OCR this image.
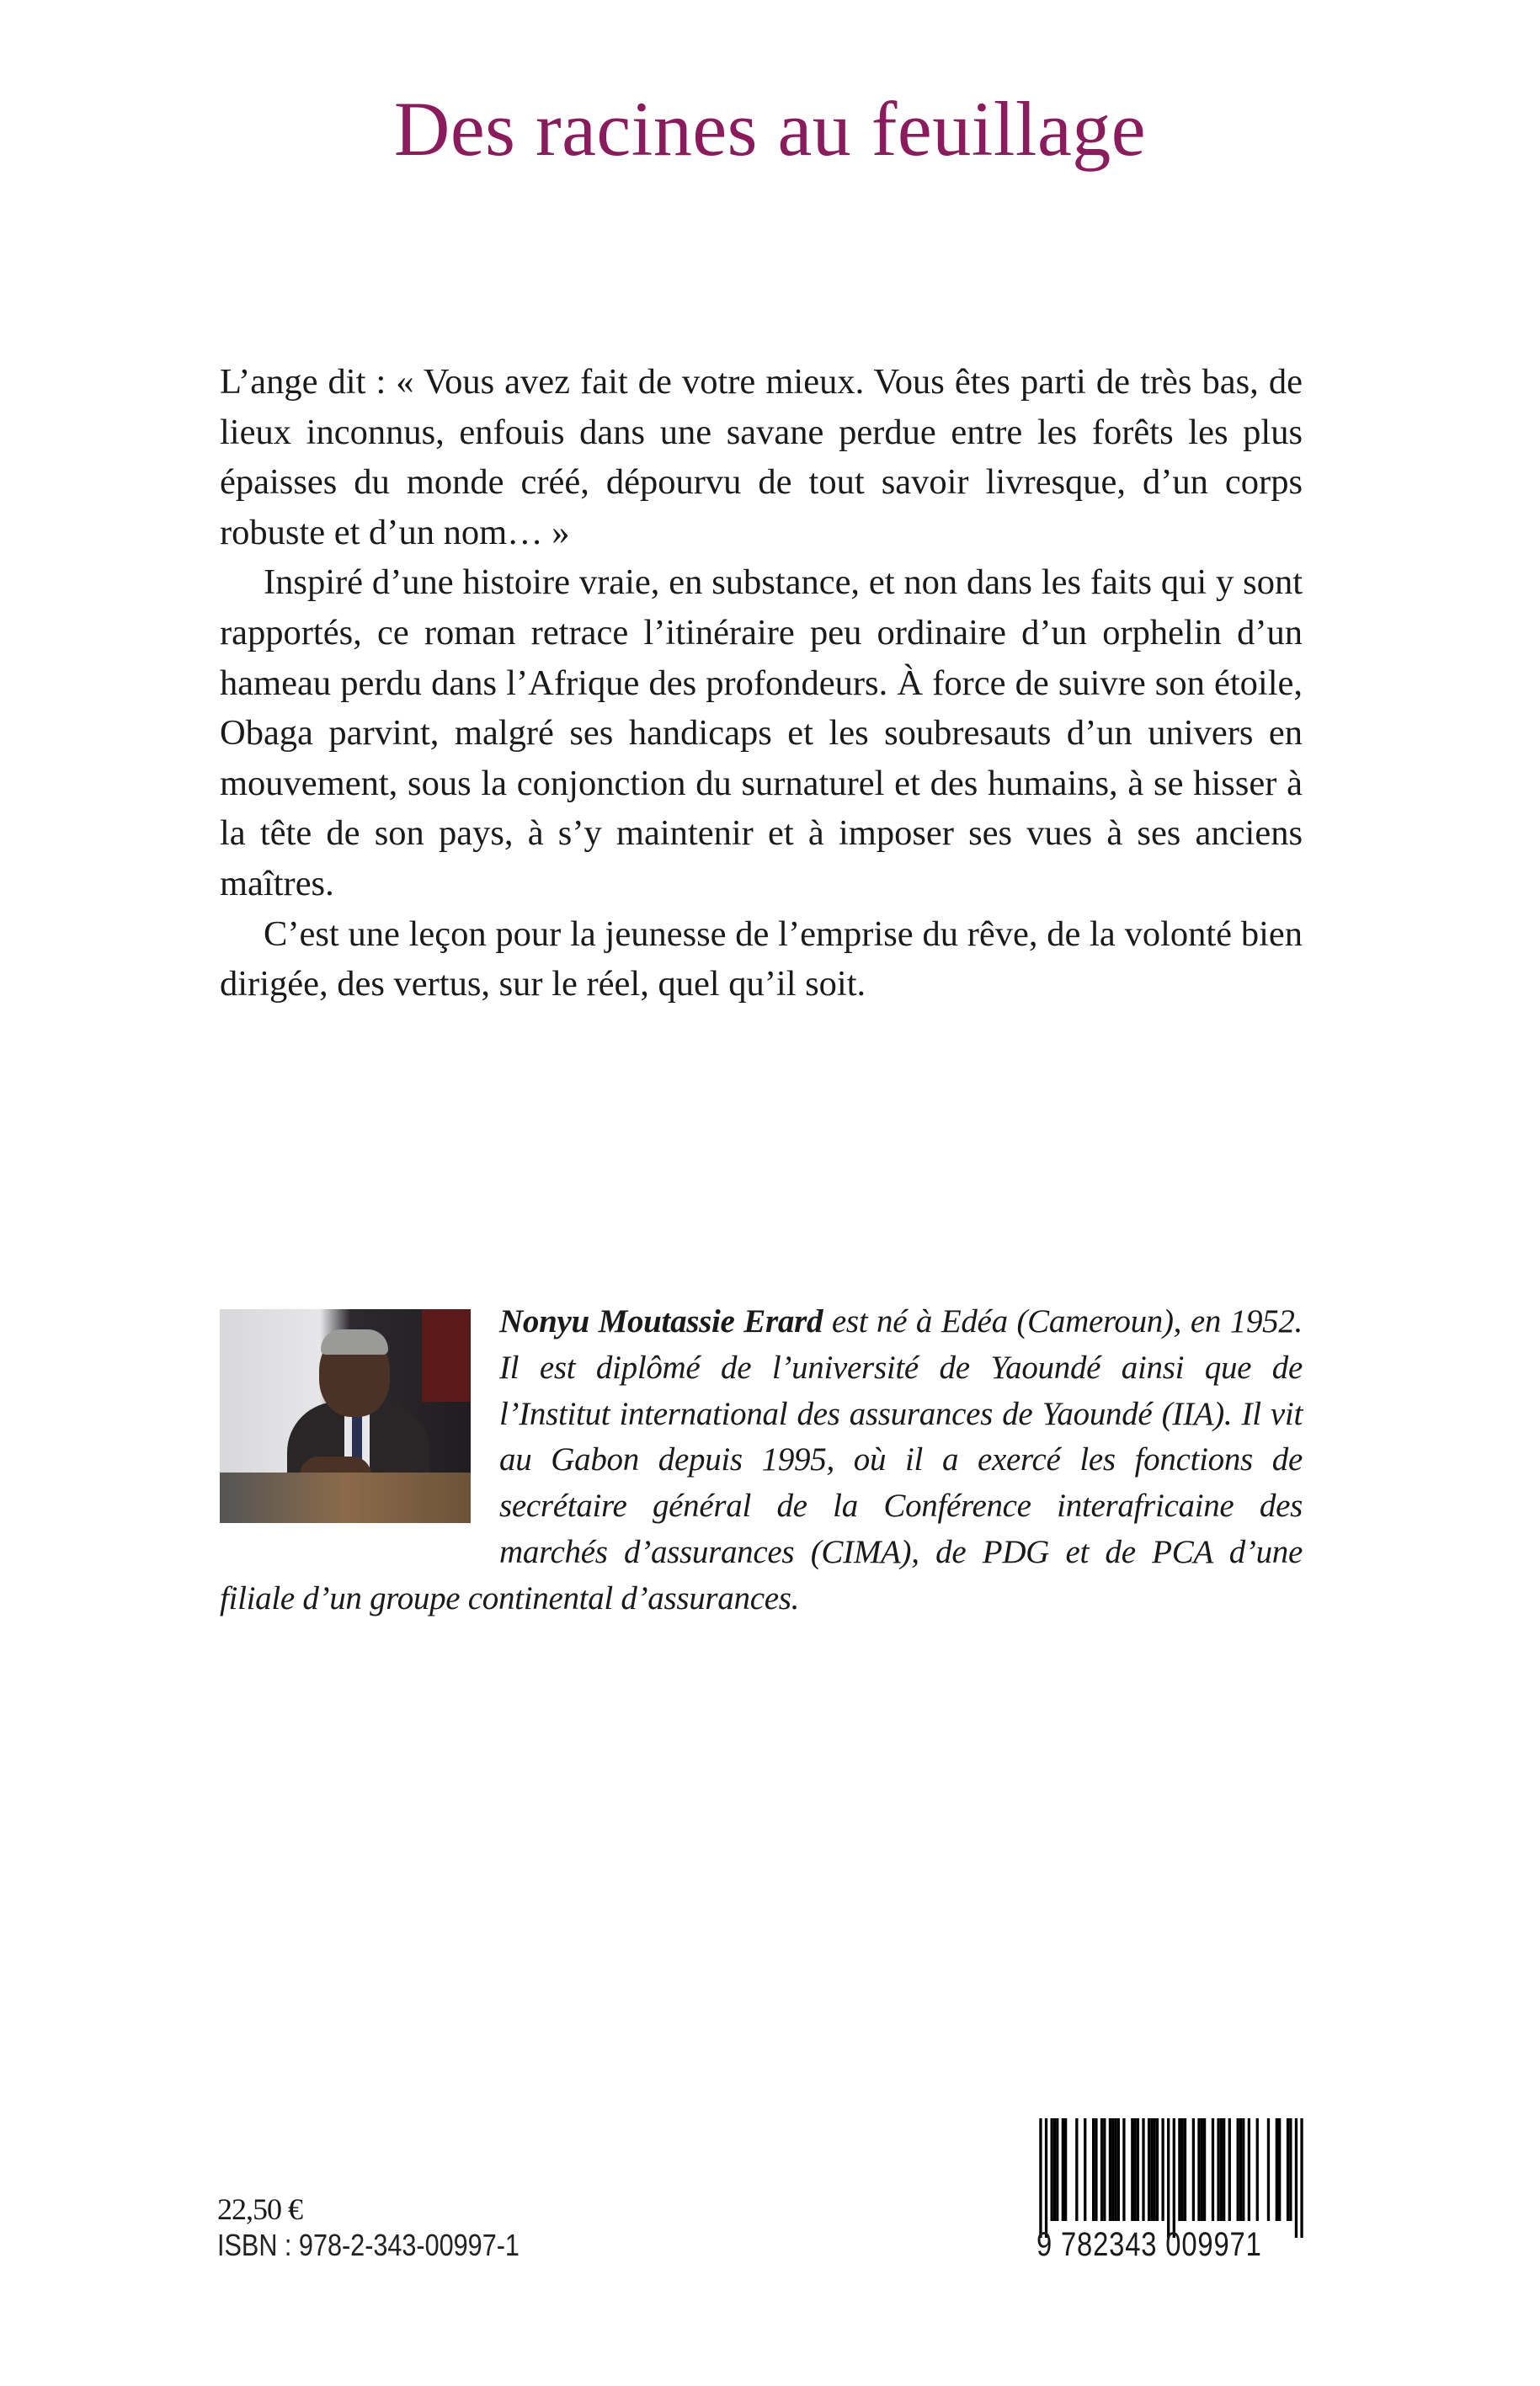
Des racines au feuillage

L’ange dit : « Vous avez fait de votre mieux. Vous êtes parti de très bas, de lieux inconnus, enfouis dans une savane perdue entre les forêts les plus épaisses du monde créé, dépourvu de tout savoir livresque, d’un corps robuste et d’un nom… »

Inspiré d’une histoire vraie, en substance, et non dans les faits qui y sont rapportés, ce roman retrace l’itinéraire peu ordinaire d’un orphelin d’un hameau perdu dans l’Afrique des profondeurs. À force de suivre son étoile, Obaga parvint, malgré ses handicaps et les soubresauts d’un univers en mouvement, sous la conjonction du surnaturel et des humains, à se hisser à la tête de son pays, à s’y maintenir et à imposer ses vues à ses anciens maîtres.

C’est une leçon pour la jeunesse de l’emprise du rêve, de la volonté bien dirigée, des vertus, sur le réel, quel qu’il soit.

Nonyu Moutassie Erard est né à Edéa (Cameroun), en 1952. Il est diplômé de l’université de Yaoundé ainsi que de l’Institut international des assurances de Yaoundé (IIA). Il vit au Gabon depuis 1995, où il a exercé les fonctions de secrétaire général de la Conférence interafricaine des marchés d’assurances (CIMA), de PDG et de PCA d’une filiale d’un groupe continental d’assurances.
22,50 €
ISBN : 978-2-343-00997-1	9 782343 009971
